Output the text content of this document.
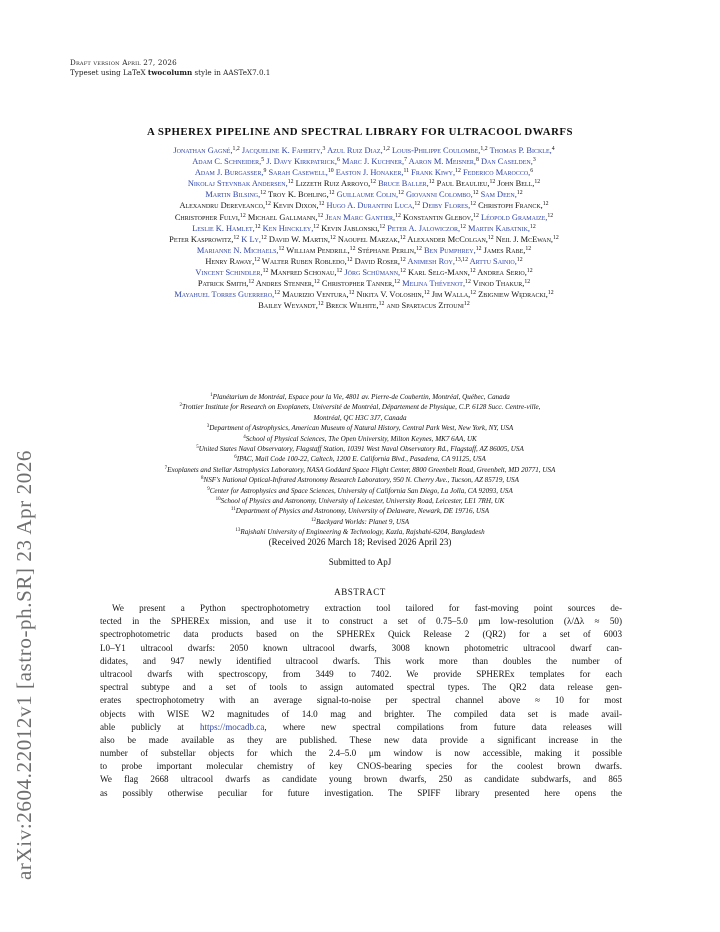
Draft version April 27, 2026
Typeset using LaTeX twocolumn style in AASTeX7.0.1
arXiv:2604.22012v1 [astro-ph.SR] 23 Apr 2026
A SPHEREX PIPELINE AND SPECTRAL LIBRARY FOR ULTRACOOL DWARFS
Jonathan Gagné,$^{1,2}$ Jacqueline K. Faherty,$^3$ Azul Ruiz Diaz,$^{1,2}$ Louis-Philippe Coulombe,$^{1,2}$ Thomas P. Bickle,$^4$
Adam C. Schneider,$^5$ J. Davy Kirkpatrick,$^6$ Marc J. Kuchner,$^7$ Aaron M. Meisner,$^8$ Dan Caselden,$^3$
Adam J. Burgasser,$^9$ Sarah Casewell,$^{10}$ Easton J. Honaker,$^{11}$ Frank Kiwy,$^{12}$ Federico Marocco,$^6$
Nikolaj Stevnbak Andersen,$^{12}$ Lizzeth Ruiz Arroyo,$^{12}$ Bruce Baller,$^{12}$ Paul Beaulieu,$^{12}$ John Bell,$^{12}$
Martin Bilsing,$^{12}$ Troy K. Bohling,$^{12}$ Guillaume Colin,$^{12}$ Giovanni Colombo,$^{12}$ Sam Deen,$^{12}$
Alexandru Dereveanco,$^{12}$ Kevin Dixon,$^{12}$ Hugo A. Durantini Luca,$^{12}$ Deiby Flores,$^{12}$ Christoph Franck,$^{12}$
Christopher Fulvi,$^{12}$ Michael Gallmann,$^{12}$ Jean Marc Gantier,$^{12}$ Konstantin Glebov,$^{12}$ Léopold Gramaize,$^{12}$
Leslie K. Hamlet,$^{12}$ Ken Hinckley,$^{12}$ Kevin Jablonski,$^{12}$ Peter A. Jalowiczor,$^{12}$ Martin Kabatnik,$^{12}$
Peter Kasprowitz,$^{12}$ K Ly,$^{12}$ David W. Martin,$^{12}$ Naoufel Marzak,$^{12}$ Alexander McColgan,$^{12}$ Neil J. McEwan,$^{12}$
Marianne N. Michaels,$^{12}$ William Pendrill,$^{12}$ Stéphane Perlin,$^{12}$ Ben Pumphrey,$^{12}$ James Rabe,$^{12}$
Henry Raway,$^{12}$ Walter Ruben Robledo,$^{12}$ David Roser,$^{12}$ Animesh Roy,$^{13,12}$ Arttu Sainio,$^{12}$
Vincent Schindler,$^{12}$ Manfred Schonau,$^{12}$ Jörg Schümann,$^{12}$ Karl Selg-Mann,$^{12}$ Andrea Serio,$^{12}$
Patrick Smith,$^{12}$ Andres Stenner,$^{12}$ Christopher Tanner,$^{12}$ Melina Thévenot,$^{12}$ Vinod Thakur,$^{12}$
Mayahuel Torres Guerrero,$^{12}$ Maurizio Ventura,$^{12}$ Nikita V. Voloshin,$^{12}$ Jim Walla,$^{12}$ Zbigniew Wędracki,$^{12}$
Bailey Weyandt,$^{12}$ Breck Wilhite,$^{12}$ and Spartacus Zitouni$^{12}$
$^1$Planétarium de Montréal, Espace pour la Vie, 4801 av. Pierre-de Coubertin, Montréal, Québec, Canada
$^2$Trottier Institute for Research on Exoplanets, Université de Montréal, Département de Physique, C.P. 6128 Succ. Centre-ville,
Montréal, QC H3C 3J7, Canada
$^3$Department of Astrophysics, American Museum of Natural History, Central Park West, New York, NY, USA
$^4$School of Physical Sciences, The Open University, Milton Keynes, MK7 6AA, UK
$^5$United States Naval Observatory, Flagstaff Station, 10391 West Naval Observatory Rd., Flagstaff, AZ 86005, USA
$^6$IPAC, Mail Code 100-22, Caltech, 1200 E. California Blvd., Pasadena, CA 91125, USA
$^7$Exoplanets and Stellar Astrophysics Laboratory, NASA Goddard Space Flight Center, 8800 Greenbelt Road, Greenbelt, MD 20771, USA
$^8$NSF's National Optical-Infrared Astronomy Research Laboratory, 950 N. Cherry Ave., Tucson, AZ 85719, USA
$^9$Center for Astrophysics and Space Sciences, University of California San Diego, La Jolla, CA 92093, USA
$^{10}$School of Physics and Astronomy, University of Leicester, University Road, Leicester, LE1 7RH, UK
$^{11}$Department of Physics and Astronomy, University of Delaware, Newark, DE 19716, USA
$^{12}$Backyard Worlds: Planet 9, USA
$^{13}$Rajshahi University of Engineering & Technology, Kazla, Rajshahi-6204, Bangladesh
(Received 2026 March 18; Revised 2026 April 23)
Submitted to ApJ
ABSTRACT
We present a Python spectrophotometry extraction tool tailored for fast-moving point sources de-
tected in the SPHEREx mission, and use it to construct a set of 0.75–5.0 μm low-resolution (λ/Δλ ≈ 50)
spectrophotometric data products based on the SPHEREx Quick Release 2 (QR2) for a set of 6003
L0–Y1 ultracool dwarfs: 2050 known ultracool dwarfs, 3008 known photometric ultracool dwarf can-
didates, and 947 newly identified ultracool dwarfs. This work more than doubles the number of
ultracool dwarfs with spectroscopy, from 3449 to 7402. We provide SPHEREx templates for each
spectral subtype and a set of tools to assign automated spectral types. The QR2 data release gen-
erates spectrophotometry with an average signal-to-noise per spectral channel above ≈ 10 for most
objects with WISE W2 magnitudes of 14.0 mag and brighter. The compiled data set is made avail-
able publicly at https://mocadb.ca, where new spectral compilations from future data releases will
also be made available as they are published. These new data provide a significant increase in the
number of substellar objects for which the 2.4–5.0 μm window is now accessible, making it possible
to probe important molecular chemistry of key CNOS-bearing species for the coolest brown dwarfs.
We flag 2668 ultracool dwarfs as candidate young brown dwarfs, 250 as candidate subdwarfs, and 865
as possibly otherwise peculiar for future investigation. The SPIFF library presented here opens the
